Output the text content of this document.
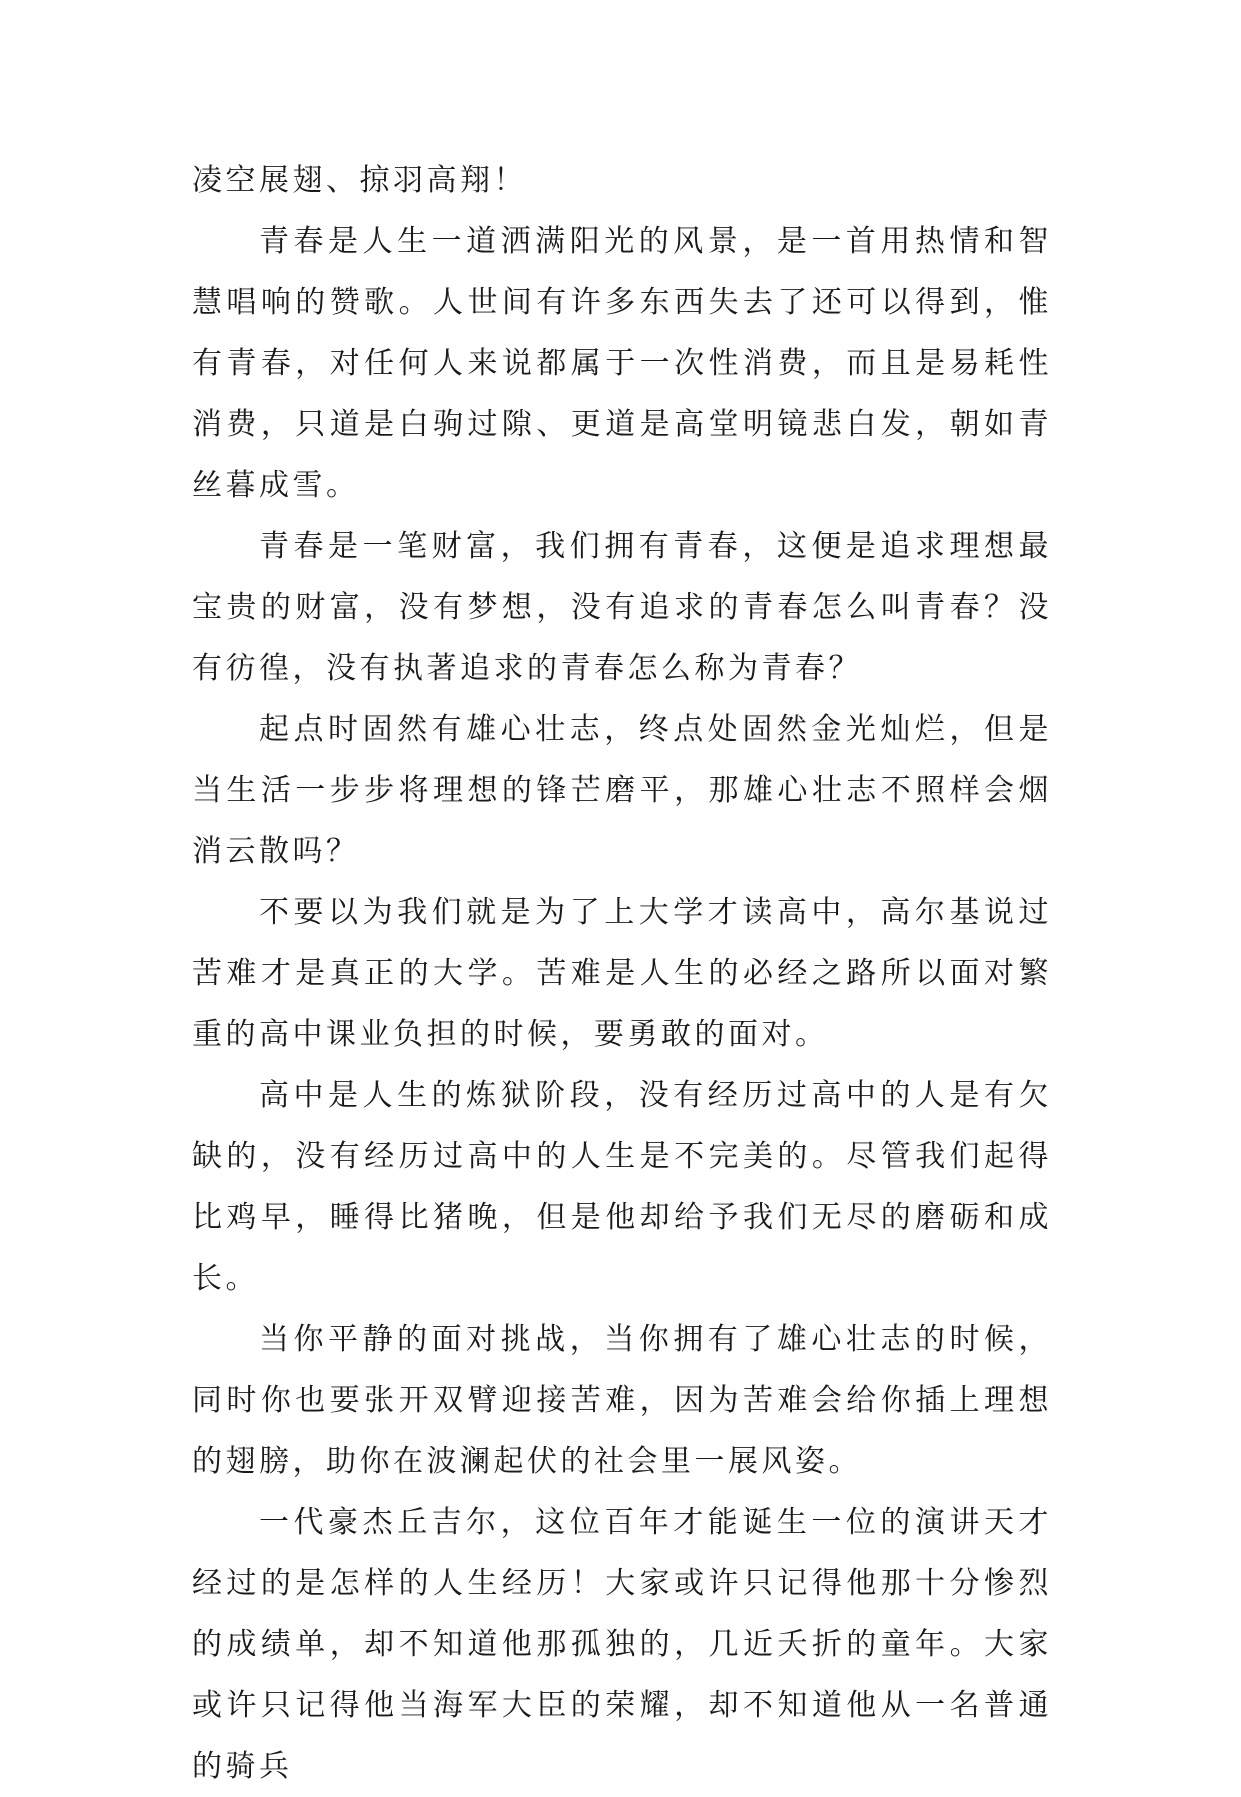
凌空展翅、掠羽高翔！

青春是人生一道洒满阳光的风景，是一首用热情和智慧唱响的赞歌。人世间有许多东西失去了还可以得到，惟有青春，对任何人来说都属于一次性消费，而且是易耗性消费，只道是白驹过隙、更道是高堂明镜悲白发，朝如青丝暮成雪。

青春是一笔财富，我们拥有青春，这便是追求理想最宝贵的财富，没有梦想，没有追求的青春怎么叫青春？没有彷徨，没有执著追求的青春怎么称为青春？

起点时固然有雄心壮志，终点处固然金光灿烂，但是当生活一步步将理想的锋芒磨平，那雄心壮志不照样会烟消云散吗？

不要以为我们就是为了上大学才读高中，高尔基说过苦难才是真正的大学。苦难是人生的必经之路所以面对繁重的高中课业负担的时候，要勇敢的面对。

高中是人生的炼狱阶段，没有经历过高中的人是有欠缺的，没有经历过高中的人生是不完美的。尽管我们起得比鸡早，睡得比猪晚，但是他却给予我们无尽的磨砺和成长。

当你平静的面对挑战，当你拥有了雄心壮志的时候，同时你也要张开双臂迎接苦难，因为苦难会给你插上理想的翅膀，助你在波澜起伏的社会里一展风姿。

一代豪杰丘吉尔，这位百年才能诞生一位的演讲天才经过的是怎样的人生经历！大家或许只记得他那十分惨烈的成绩单，却不知道他那孤独的，几近夭折的童年。大家或许只记得他当海军大臣的荣耀，却不知道他从一名普通的骑兵
